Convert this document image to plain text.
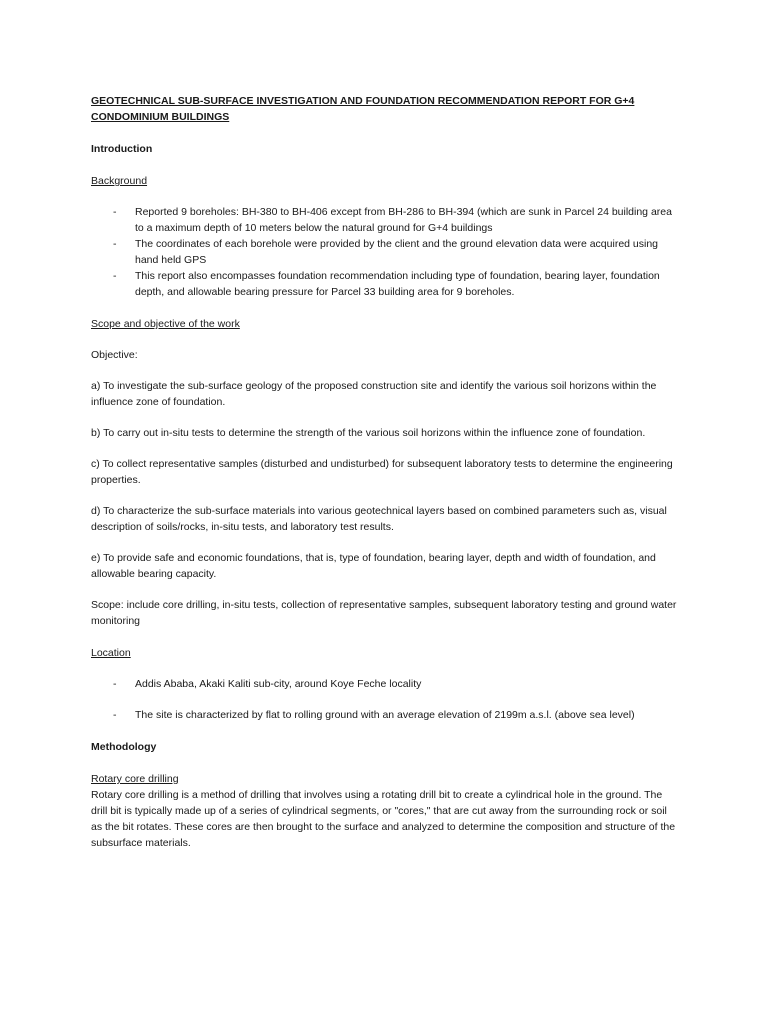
GEOTECHNICAL SUB-SURFACE INVESTIGATION AND FOUNDATION RECOMMENDATION REPORT FOR G+4 CONDOMINIUM BUILDINGS

Introduction

Background

- Reported 9 boreholes: BH-380 to BH-406 except from BH-286 to BH-394 (which are sunk in Parcel 24 building area to a maximum depth of 10 meters below the natural ground for G+4 buildings
- The coordinates of each borehole were provided by the client and the ground elevation data were acquired using hand held GPS
- This report also encompasses foundation recommendation including type of foundation, bearing layer, foundation depth, and allowable bearing pressure for Parcel 33 building area for 9 boreholes.

Scope and objective of the work

Objective:

a) To investigate the sub-surface geology of the proposed construction site and identify the various soil horizons within the influence zone of foundation.

b) To carry out in-situ tests to determine the strength of the various soil horizons within the influence zone of foundation.

c) To collect representative samples (disturbed and undisturbed) for subsequent laboratory tests to determine the engineering properties.

d) To characterize the sub-surface materials into various geotechnical layers based on combined parameters such as, visual description of soils/rocks, in-situ tests, and laboratory test results.

e) To provide safe and economic foundations, that is, type of foundation, bearing layer, depth and width of foundation, and allowable bearing capacity.

Scope: include core drilling, in-situ tests, collection of representative samples, subsequent laboratory testing and ground water monitoring

Location

- Addis Ababa, Akaki Kaliti sub-city, around Koye Feche locality
- The site is characterized by flat to rolling ground with an average elevation of 2199m a.s.l. (above sea level)

Methodology

Rotary core drilling

Rotary core drilling is a method of drilling that involves using a rotating drill bit to create a cylindrical hole in the ground. The drill bit is typically made up of a series of cylindrical segments, or "cores," that are cut away from the surrounding rock or soil as the bit rotates. These cores are then brought to the surface and analyzed to determine the composition and structure of the subsurface materials.
